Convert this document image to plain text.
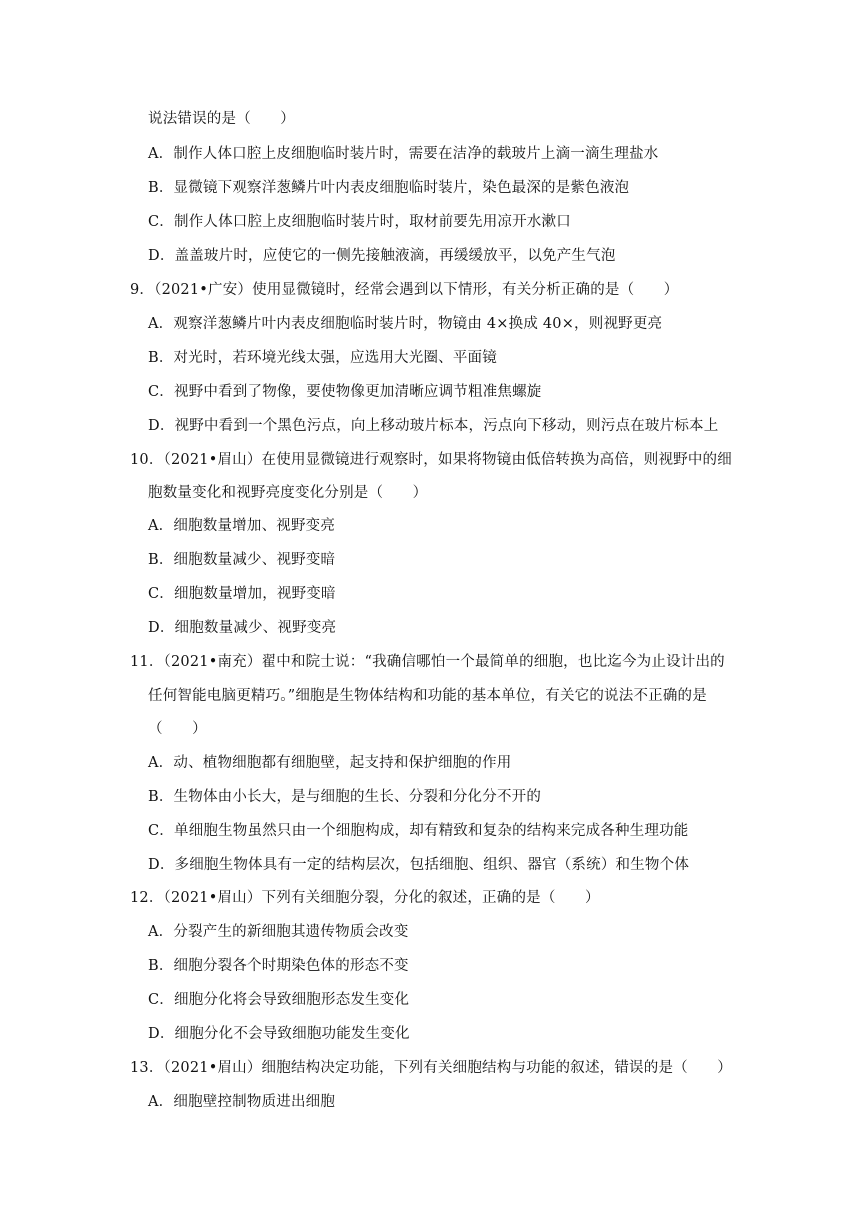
说法错误的是（　　）
A．制作人体口腔上皮细胞临时装片时，需要在洁净的载玻片上滴一滴生理盐水
B．显微镜下观察洋葱鳞片叶内表皮细胞临时装片，染色最深的是紫色液泡
C．制作人体口腔上皮细胞临时装片时，取材前要先用凉开水漱口
D．盖盖玻片时，应使它的一侧先接触液滴，再缓缓放平，以免产生气泡
9．（2021•广安）使用显微镜时，经常会遇到以下情形，有关分析正确的是（　　）
A．观察洋葱鳞片叶内表皮细胞临时装片时，物镜由 4×换成 40×，则视野更亮
B．对光时，若环境光线太强，应选用大光圈、平面镜
C．视野中看到了物像，要使物像更加清晰应调节粗准焦螺旋
D．视野中看到一个黑色污点，向上移动玻片标本，污点向下移动，则污点在玻片标本上
10．（2021•眉山）在使用显微镜进行观察时，如果将物镜由低倍转换为高倍，则视野中的细
胞数量变化和视野亮度变化分别是（　　）
A．细胞数量增加、视野变亮
B．细胞数量减少、视野变暗
C．细胞数量增加，视野变暗
D．细胞数量减少、视野变亮
11．（2021•南充）翟中和院士说：“我确信哪怕一个最简单的细胞，也比迄今为止设计出的
任何智能电脑更精巧。”细胞是生物体结构和功能的基本单位，有关它的说法不正确的是
（　　）
A．动、植物细胞都有细胞壁，起支持和保护细胞的作用
B．生物体由小长大，是与细胞的生长、分裂和分化分不开的
C．单细胞生物虽然只由一个细胞构成，却有精致和复杂的结构来完成各种生理功能
D．多细胞生物体具有一定的结构层次，包括细胞、组织、器官（系统）和生物个体
12．（2021•眉山）下列有关细胞分裂，分化的叙述，正确的是（　　）
A．分裂产生的新细胞其遗传物质会改变
B．细胞分裂各个时期染色体的形态不变
C．细胞分化将会导致细胞形态发生变化
D．细胞分化不会导致细胞功能发生变化
13．（2021•眉山）细胞结构决定功能，下列有关细胞结构与功能的叙述，错误的是（　　）
A．细胞壁控制物质进出细胞
